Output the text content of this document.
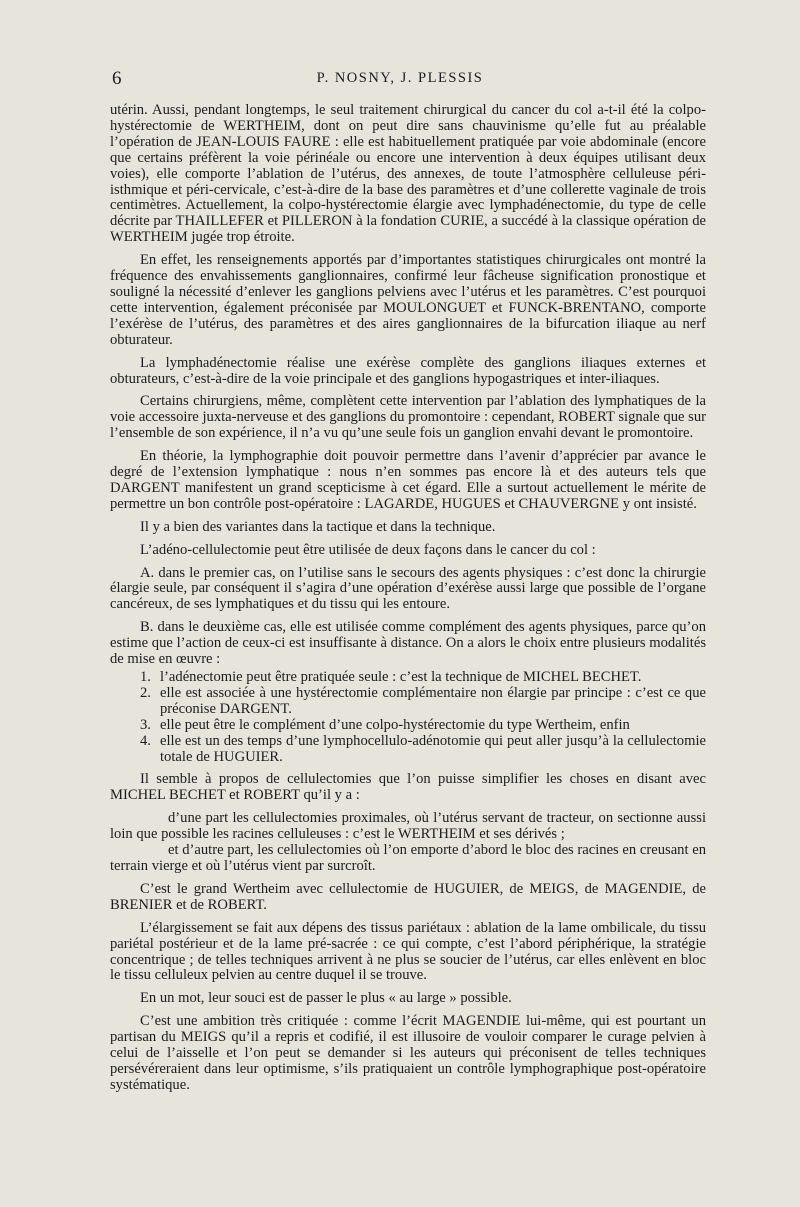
6	P. NOSNY, J. PLESSIS

utérin. Aussi, pendant longtemps, le seul traitement chirurgical du cancer du col a-t-il été la colpo-hystérectomie de WERTHEIM, dont on peut dire sans chauvinisme qu’elle fut au préalable l’opération de JEAN-LOUIS FAURE : elle est habituellement pratiquée par voie abdominale (encore que certains préfèrent la voie périnéale ou encore une intervention à deux équipes utilisant deux voies), elle comporte l’ablation de l’utérus, des annexes, de toute l’atmosphère celluleuse péri-isthmique et péri-cervicale, c’est-à-dire de la base des paramètres et d’une collerette vaginale de trois centimètres. Actuellement, la colpo-hystérectomie élargie avec lymphadénectomie, du type de celle décrite par THAILLEFER et PILLERON à la fondation CURIE, a succédé à la classique opération de WERTHEIM jugée trop étroite.

En effet, les renseignements apportés par d’importantes statistiques chirurgicales ont montré la fréquence des envahissements ganglionnaires, confirmé leur fâcheuse signification pronostique et souligné la nécessité d’enlever les ganglions pelviens avec l’utérus et les paramètres. C’est pourquoi cette intervention, également préconisée par MOULONGUET et FUNCK-BRENTANO, comporte l’exérèse de l’utérus, des paramètres et des aires ganglionnaires de la bifurcation iliaque au nerf obturateur.

La lymphadénectomie réalise une exérèse complète des ganglions iliaques externes et obturateurs, c’est-à-dire de la voie principale et des ganglions hypogastriques et inter-iliaques.

Certains chirurgiens, même, complètent cette intervention par l’ablation des lymphatiques de la voie accessoire juxta-nerveuse et des ganglions du promontoire : cependant, ROBERT signale que sur l’ensemble de son expérience, il n’a vu qu’une seule fois un ganglion envahi devant le promontoire.

En théorie, la lymphographie doit pouvoir permettre dans l’avenir d’apprécier par avance le degré de l’extension lymphatique : nous n’en sommes pas encore là et des auteurs tels que DARGENT manifestent un grand scepticisme à cet égard. Elle a surtout actuellement le mérite de permettre un bon contrôle post-opératoire : LAGARDE, HUGUES et CHAUVERGNE y ont insisté.

Il y a bien des variantes dans la tactique et dans la technique.

L’adéno-cellulectomie peut être utilisée de deux façons dans le cancer du col :

A. dans le premier cas, on l’utilise sans le secours des agents physiques : c’est donc la chirurgie élargie seule, par conséquent il s’agira d’une opération d’exérèse aussi large que possible de l’organe cancéreux, de ses lymphatiques et du tissu qui les entoure.

B. dans le deuxième cas, elle est utilisée comme complément des agents physiques, parce qu’on estime que l’action de ceux-ci est insuffisante à distance. On a alors le choix entre plusieurs modalités de mise en œuvre :

1. l’adénectomie peut être pratiquée seule : c’est la technique de MICHEL BECHET.
2. elle est associée à une hystérectomie complémentaire non élargie par principe : c’est ce que préconise DARGENT.
3. elle peut être le complément d’une colpo-hystérectomie du type Wertheim, enfin
4. elle est un des temps d’une lymphocellulo-adénotomie qui peut aller jusqu’à la cellulectomie totale de HUGUIER.

Il semble à propos de cellulectomies que l’on puisse simplifier les choses en disant avec MICHEL BECHET et ROBERT qu’il y a :

d’une part les cellulectomies proximales, où l’utérus servant de tracteur, on sectionne aussi loin que possible les racines celluleuses : c’est le WERTHEIM et ses dérivés ;

et d’autre part, les cellulectomies où l’on emporte d’abord le bloc des racines en creusant en terrain vierge et où l’utérus vient par surcroît.

C’est le grand Wertheim avec cellulectomie de HUGUIER, de MEIGS, de MAGENDIE, de BRENIER et de ROBERT.

L’élargissement se fait aux dépens des tissus pariétaux : ablation de la lame ombilicale, du tissu pariétal postérieur et de la lame pré-sacrée : ce qui compte, c’est l’abord périphérique, la stratégie concentrique ; de telles techniques arrivent à ne plus se soucier de l’utérus, car elles enlèvent en bloc le tissu celluleux pelvien au centre duquel il se trouve.

En un mot, leur souci est de passer le plus « au large » possible.

C’est une ambition très critiquée : comme l’écrit MAGENDIE lui-même, qui est pourtant un partisan du MEIGS qu’il a repris et codifié, il est illusoire de vouloir comparer le curage pelvien à celui de l’aisselle et l’on peut se demander si les auteurs qui préconisent de telles techniques persévéreraient dans leur optimisme, s’ils pratiquaient un contrôle lymphographique post-opératoire systématique.
